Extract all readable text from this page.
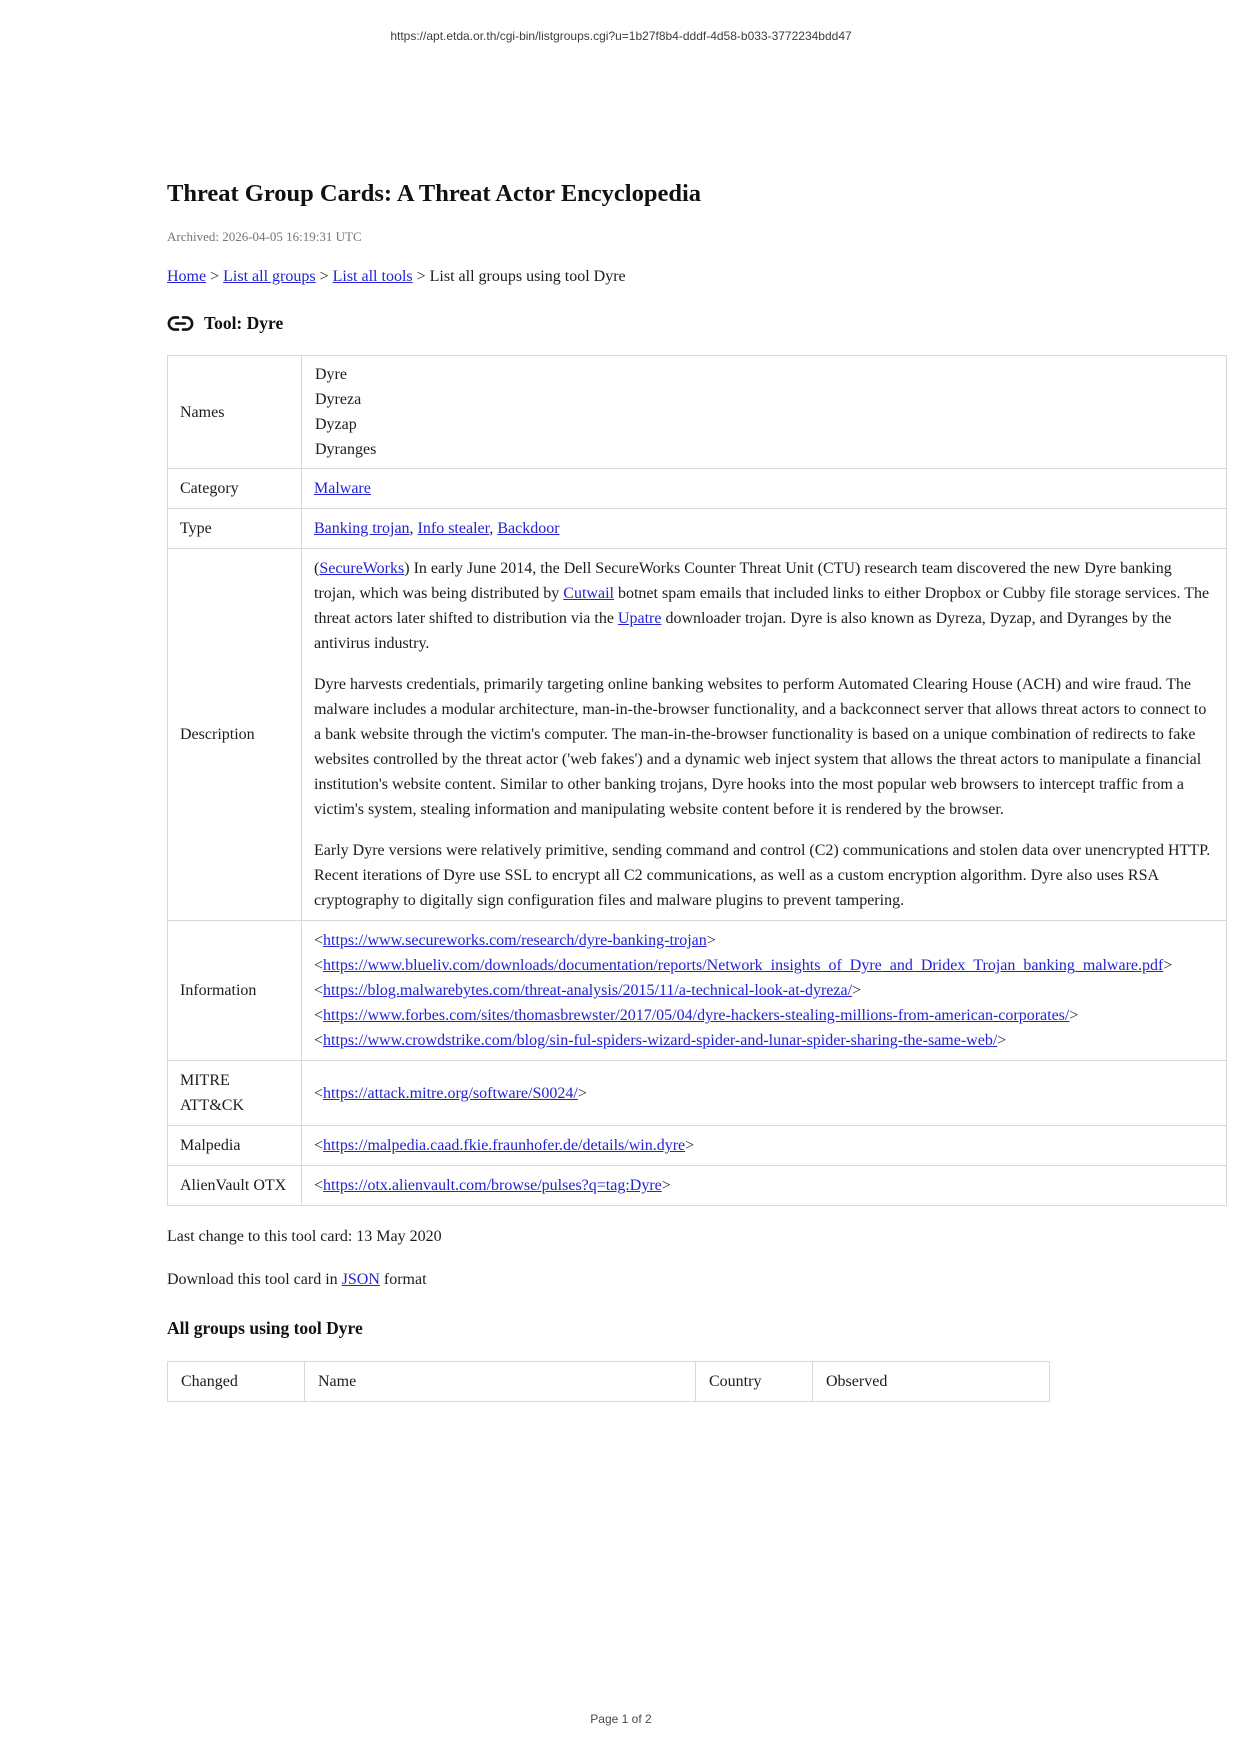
https://apt.etda.or.th/cgi-bin/listgroups.cgi?u=1b27f8b4-dddf-4d58-b033-3772234bdd47
Threat Group Cards: A Threat Actor Encyclopedia

Archived: 2026-04-05 16:19:31 UTC

Home > List all groups > List all tools > List all groups using tool Dyre

Tool: Dyre
Names	Dyre
Dyreza
Dyzap
Dyranges

Category	Malware
Type	Banking trojan, Info stealer, Backdoor
Description	(SecureWorks) In early June 2014, the Dell SecureWorks Counter Threat Unit (CTU) research team discovered the new Dyre banking trojan, which was being distributed by Cutwail botnet spam emails that included links to either Dropbox or Cubby file storage services. The threat actors later shifted to distribution via the Upatre downloader trojan. Dyre is also known as Dyreza, Dyzap, and Dyranges by the antivirus industry.

Dyre harvests credentials, primarily targeting online banking websites to perform Automated Clearing House (ACH) and wire fraud. The malware includes a modular architecture, man-in-the-browser functionality, and a backconnect server that allows threat actors to connect to a bank website through the victim's computer. The man-in-the-browser functionality is based on a unique combination of redirects to fake websites controlled by the threat actor ('web fakes') and a dynamic web inject system that allows the threat actors to manipulate a financial institution's website content. Similar to other banking trojans, Dyre hooks into the most popular web browsers to intercept traffic from a victim's system, stealing information and manipulating website content before it is rendered by the browser.

Early Dyre versions were relatively primitive, sending command and control (C2) communications and stolen data over unencrypted HTTP. Recent iterations of Dyre use SSL to encrypt all C2 communications, as well as a custom encryption algorithm. Dyre also uses RSA cryptography to digitally sign configuration files and malware plugins to prevent tampering.

Information	<https://www.secureworks.com/research/dyre-banking-trojan>
<https://www.blueliv.com/downloads/documentation/reports/Network_insights_of_Dyre_and_Dridex_Trojan_banking_malware.pdf>
<https://blog.malwarebytes.com/threat-analysis/2015/11/a-technical-look-at-dyreza/>
<https://www.forbes.com/sites/thomasbrewster/2017/05/04/dyre-hackers-stealing-millions-from-american-corporates/>
<https://www.crowdstrike.com/blog/sin-ful-spiders-wizard-spider-and-lunar-spider-sharing-the-same-web/>

MITRE ATT&CK	<https://attack.mitre.org/software/S0024/>
Malpedia	<https://malpedia.caad.fkie.fraunhofer.de/details/win.dyre>
AlienVault OTX	<https://otx.alienvault.com/browse/pulses?q=tag:Dyre>

Last change to this tool card: 13 May 2020

Download this tool card in JSON format

All groups using tool Dyre
Changed	Name	Country	Observed
Page 1 of 2
